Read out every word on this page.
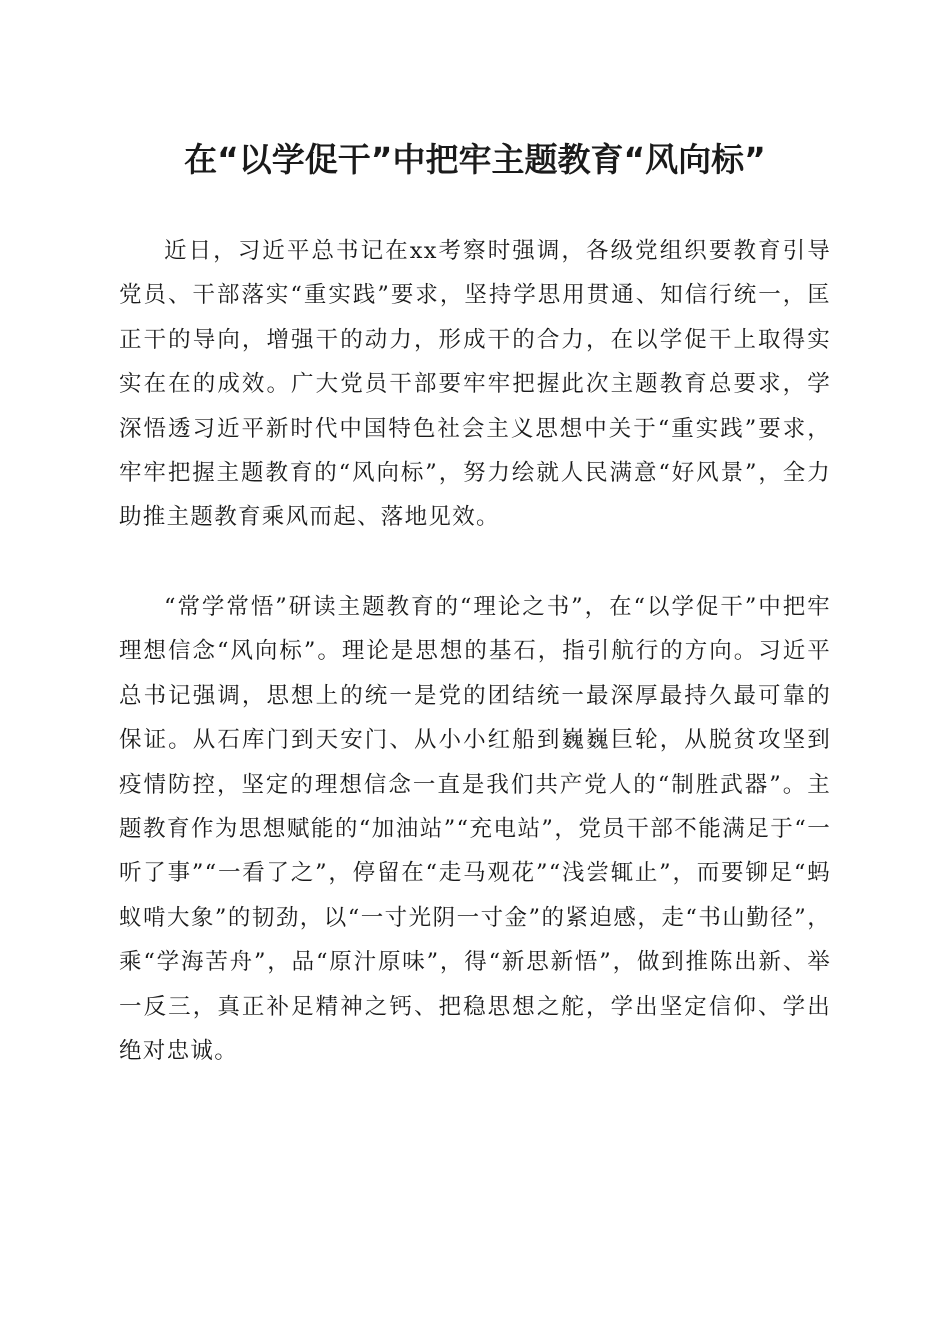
在“以学促干”中把牢主题教育“风向标”

近日，习近平总书记在xx考察时强调，各级党组织要教育引导党员、干部落实“重实践”要求，坚持学思用贯通、知信行统一，匡正干的导向，增强干的动力，形成干的合力，在以学促干上取得实实在在的成效。广大党员干部要牢牢把握此次主题教育总要求，学深悟透习近平新时代中国特色社会主义思想中关于“重实践”要求，牢牢把握主题教育的“风向标”，努力绘就人民满意“好风景”，全力助推主题教育乘风而起、落地见效。

“常学常悟”研读主题教育的“理论之书”，在“以学促干”中把牢理想信念“风向标”。理论是思想的基石，指引航行的方向。习近平总书记强调，思想上的统一是党的团结统一最深厚最持久最可靠的保证。从石库门到天安门、从小小红船到巍巍巨轮，从脱贫攻坚到疫情防控，坚定的理想信念一直是我们共产党人的“制胜武器”。主题教育作为思想赋能的“加油站”“充电站”，党员干部不能满足于“一听了事”“一看了之”，停留在“走马观花”“浅尝辄止”，而要铆足“蚂蚁啃大象”的韧劲，以“一寸光阴一寸金”的紧迫感，走“书山勤径”，乘“学海苦舟”，品“原汁原味”，得“新思新悟”，做到推陈出新、举一反三，真正补足精神之钙、把稳思想之舵，学出坚定信仰、学出绝对忠诚。
